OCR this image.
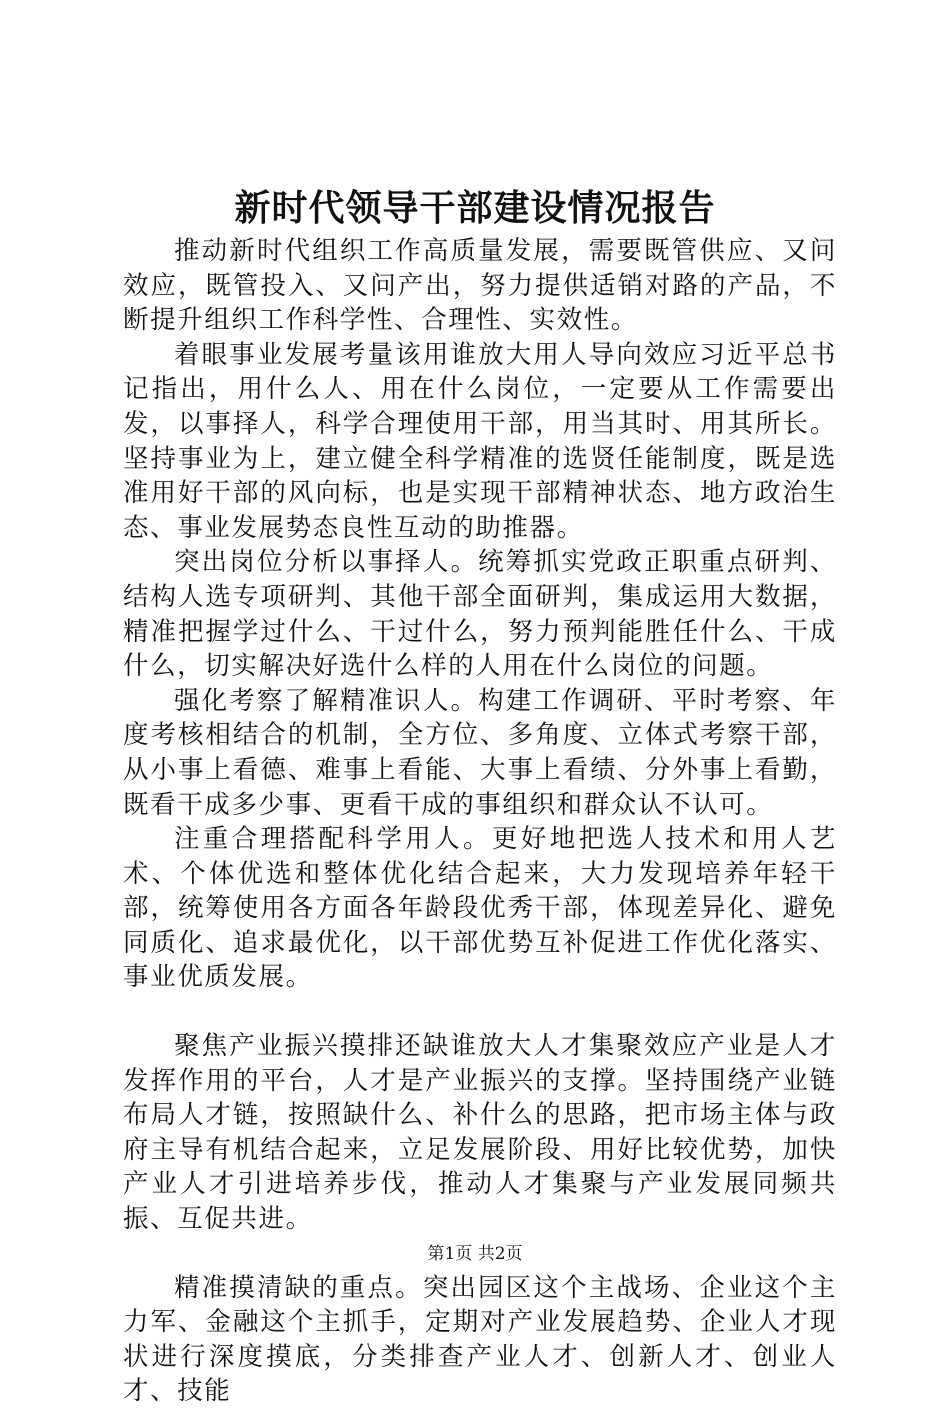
新时代领导干部建设情况报告

推动新时代组织工作高质量发展，需要既管供应、又问效应，既管投入、又问产出，努力提供适销对路的产品，不断提升组织工作科学性、合理性、实效性。

着眼事业发展考量该用谁放大用人导向效应习近平总书记指出，用什么人、用在什么岗位，一定要从工作需要出发，以事择人，科学合理使用干部，用当其时、用其所长。坚持事业为上，建立健全科学精准的选贤任能制度，既是选准用好干部的风向标，也是实现干部精神状态、地方政治生态、事业发展势态良性互动的助推器。

突出岗位分析以事择人。统筹抓实党政正职重点研判、结构人选专项研判、其他干部全面研判，集成运用大数据，精准把握学过什么、干过什么，努力预判能胜任什么、干成什么，切实解决好选什么样的人用在什么岗位的问题。

强化考察了解精准识人。构建工作调研、平时考察、年度考核相结合的机制，全方位、多角度、立体式考察干部，从小事上看德、难事上看能、大事上看绩、分外事上看勤，既看干成多少事、更看干成的事组织和群众认不认可。

注重合理搭配科学用人。更好地把选人技术和用人艺术、个体优选和整体优化结合起来，大力发现培养年轻干部，统筹使用各方面各年龄段优秀干部，体现差异化、避免同质化、追求最优化，以干部优势互补促进工作优化落实、事业优质发展。

聚焦产业振兴摸排还缺谁放大人才集聚效应产业是人才发挥作用的平台，人才是产业振兴的支撑。坚持围绕产业链布局人才链，按照缺什么、补什么的思路，把市场主体与政府主导有机结合起来，立足发展阶段、用好比较优势，加快产业人才引进培养步伐，推动人才集聚与产业发展同频共振、互促共进。

精准摸清缺的重点。突出园区这个主战场、企业这个主力军、金融这个主抓手，定期对产业发展趋势、企业人才现状进行深度摸底，分类排查产业人才、创新人才、创业人才、技能

第1页 共2页
